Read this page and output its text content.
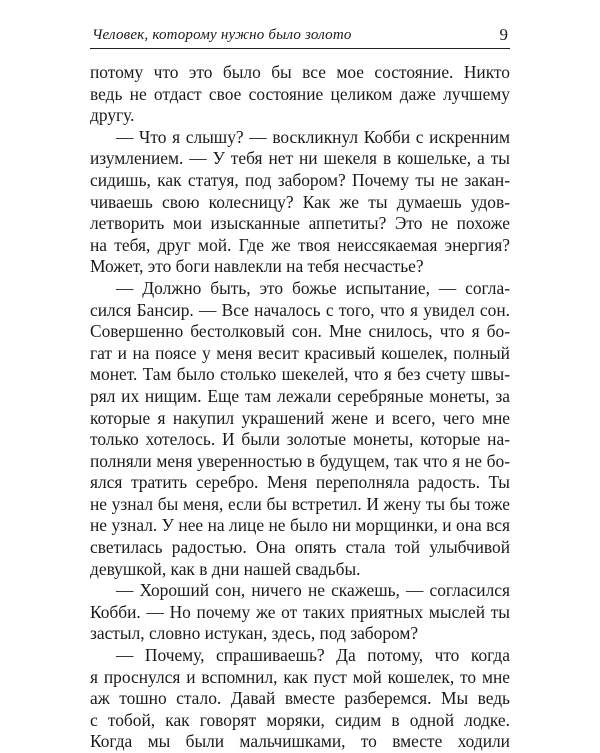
Человек, которому нужно было золото	9
потому что это было бы все мое состояние. Никто
ведь не отдаст свое состояние целиком даже лучшему
другу.
— Что я слышу? — воскликнул Кобби с искренним
изумлением. — У тебя нет ни шекеля в кошельке, а ты
сидишь, как статуя, под забором? Почему ты не закан-
чиваешь свою колесницу? Как же ты думаешь удов-
летворить мои изысканные аппетиты? Это не похоже
на тебя, друг мой. Где же твоя неиссякаемая энергия?
Может, это боги навлекли на тебя несчастье?
— Должно быть, это божье испытание, — согла-
сился Бансир. — Все началось с того, что я увидел сон.
Совершенно бестолковый сон. Мне снилось, что я бо-
гат и на поясе у меня весит красивый кошелек, полный
монет. Там было столько шекелей, что я без счету швы-
рял их нищим. Еще там лежали серебряные монеты, за
которые я накупил украшений жене и всего, чего мне
только хотелось. И были золотые монеты, которые на-
полняли меня уверенностью в будущем, так что я не бо-
ялся тратить серебро. Меня переполняла радость. Ты
не узнал бы меня, если бы встретил. И жену ты бы тоже
не узнал. У нее на лице не было ни морщинки, и она вся
светилась радостью. Она опять стала той улыбчивой
девушкой, как в дни нашей свадьбы.
— Хороший сон, ничего не скажешь, — согласился
Кобби. — Но почему же от таких приятных мыслей ты
застыл, словно истукан, здесь, под забором?
— Почему, спрашиваешь? Да потому, что когда
я проснулся и вспомнил, как пуст мой кошелек, то мне
аж тошно стало. Давай вместе разберемся. Мы ведь
с тобой, как говорят моряки, сидим в одной лодке.
Когда мы были мальчишками, то вместе ходили
